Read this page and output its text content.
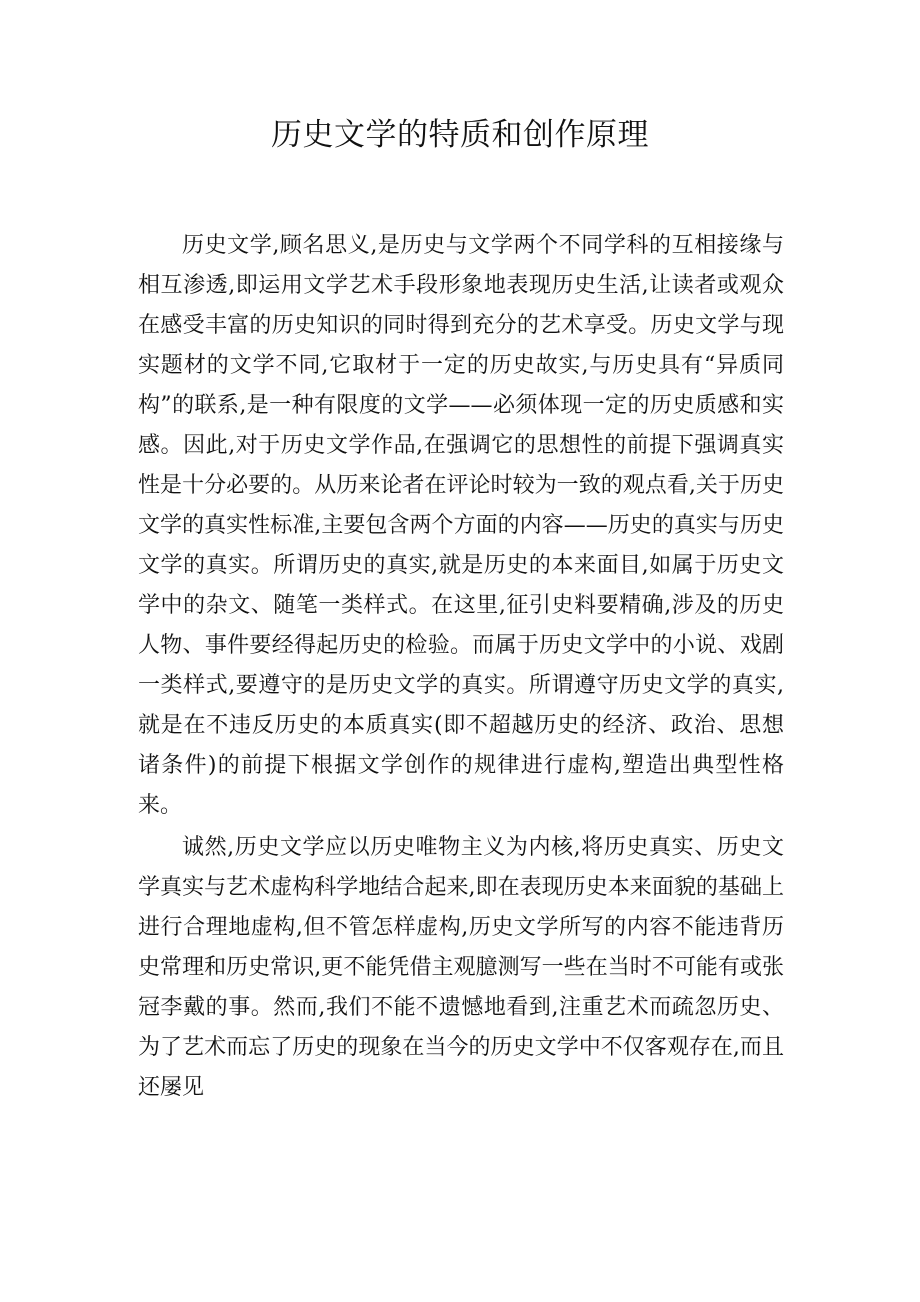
历史文学的特质和创作原理

历史文学,顾名思义,是历史与文学两个不同学科的互相接缘与相互渗透,即运用文学艺术手段形象地表现历史生活,让读者或观众在感受丰富的历史知识的同时得到充分的艺术享受。历史文学与现实题材的文学不同,它取材于一定的历史故实,与历史具有“异质同构”的联系,是一种有限度的文学——必须体现一定的历史质感和实感。因此,对于历史文学作品,在强调它的思想性的前提下强调真实性是十分必要的。从历来论者在评论时较为一致的观点看,关于历史文学的真实性标准,主要包含两个方面的内容——历史的真实与历史文学的真实。所谓历史的真实,就是历史的本来面目,如属于历史文学中的杂文、随笔一类样式。在这里,征引史料要精确,涉及的历史人物、事件要经得起历史的检验。而属于历史文学中的小说、戏剧一类样式,要遵守的是历史文学的真实。所谓遵守历史文学的真实,就是在不违反历史的本质真实(即不超越历史的经济、政治、思想诸条件)的前提下根据文学创作的规律进行虚构,塑造出典型性格来。

诚然,历史文学应以历史唯物主义为内核,将历史真实、历史文学真实与艺术虚构科学地结合起来,即在表现历史本来面貌的基础上进行合理地虚构,但不管怎样虚构,历史文学所写的内容不能违背历史常理和历史常识,更不能凭借主观臆测写一些在当时不可能有或张冠李戴的事。然而,我们不能不遗憾地看到,注重艺术而疏忽历史、为了艺术而忘了历史的现象在当今的历史文学中不仅客观存在,而且还屡见
